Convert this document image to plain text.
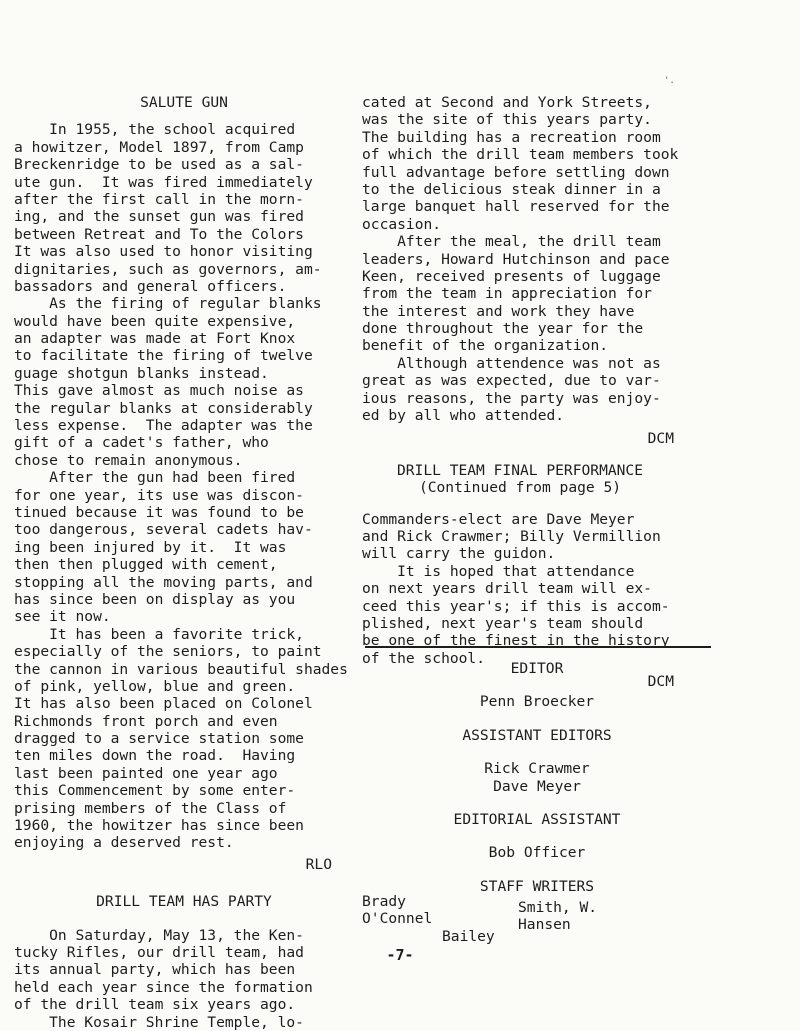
'.
SALUTE GUN
In 1955, the school acquired
a howitzer, Model 1897, from Camp
Breckenridge to be used as a sal-
ute gun.  It was fired immediately
after the first call in the morn-
ing, and the sunset gun was fired
between Retreat and To the Colors
It was also used to honor visiting
dignitaries, such as governors, am-
bassadors and general officers.
As the firing of regular blanks
would have been quite expensive,
an adapter was made at Fort Knox
to facilitate the firing of twelve
guage shotgun blanks instead.
This gave almost as much noise as
the regular blanks at considerably
less expense.  The adapter was the
gift of a cadet's father, who
chose to remain anonymous.
After the gun had been fired
for one year, its use was discon-
tinued because it was found to be
too dangerous, several cadets hav-
ing been injured by it.  It was
then then plugged with cement,
stopping all the moving parts, and
has since been on display as you
see it now.
It has been a favorite trick,
especially of the seniors, to paint
the cannon in various beautiful shades
of pink, yellow, blue and green.
It has also been placed on Colonel
Richmonds front porch and even
dragged to a service station some
ten miles down the road.  Having
last been painted one year ago
this Commencement by some enter-
prising members of the Class of
1960, the howitzer has since been
enjoying a deserved rest.
RLO
DRILL TEAM HAS PARTY
On Saturday, May 13, the Ken-
tucky Rifles, our drill team, had
its annual party, which has been
held each year since the formation
of the drill team six years ago.
The Kosair Shrine Temple, lo-
cated at Second and York Streets,
was the site of this years party.
The building has a recreation room
of which the drill team members took
full advantage before settling down
to the delicious steak dinner in a
large banquet hall reserved for the
occasion.
After the meal, the drill team
leaders, Howard Hutchinson and pace
Keen, received presents of luggage
from the team in appreciation for
the interest and work they have
done throughout the year for the
benefit of the organization.
Although attendence was not as
great as was expected, due to var-
ious reasons, the party was enjoy-
ed by all who attended.
DCM
DRILL TEAM FINAL PERFORMANCE
(Continued from page 5)
Commanders-elect are Dave Meyer
and Rick Crawmer; Billy Vermillion
will carry the guidon.
It is hoped that attendance
on next years drill team will ex-
ceed this year's; if this is accom-
plished, next year's team should
be one of the finest in the history
of the school.
DCM
EDITOR
Penn Broecker
ASSISTANT EDITORS
Rick Crawmer
Dave Meyer
EDITORIAL ASSISTANT
Bob Officer
STAFF WRITERS
Brady
O'Connel
Smith, W.
Hansen
Bailey
-7-
